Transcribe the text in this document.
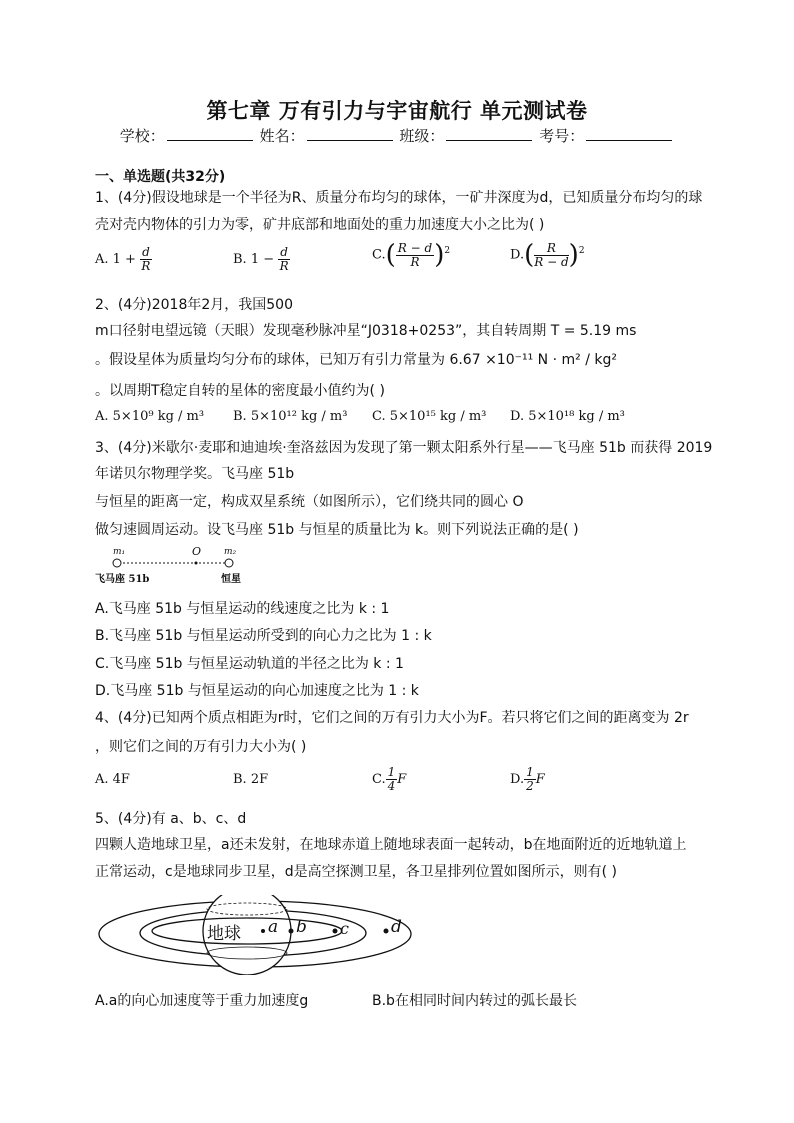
第七章 万有引力与宇宙航行 单元测试卷
学校：	姓名：	班级：	考号：
一、单选题(共32分)
1、(4分)假设地球是一个半径为R、质量分布均匀的球体，一矿井深度为d，已知质量分布均匀的球
壳对壳内物体的引力为零，矿井底部和地面处的重力加速度大小之比为( )
A. $1 + \frac{d}{R}$	B. $1 - \frac{d}{R}$	$C.( \frac{R - d}{R} )^2$	$D.( \frac{R}{R - d} )^2$
2、(4分)2018年2月，我国500
m口径射电望远镜（天眼）发现毫秒脉冲星“J0318+0253”，其自转周期 T = 5.19 ms
。假设星体为质量均匀分布的球体，已知万有引力常量为 6.67 ×10⁻¹¹ N · m² / kg²
。以周期T稳定自转的星体的密度最小值约为( )
A. 5×10⁹ kg / m³ B. 5×10¹² kg / m³ C. 5×10¹⁵ kg / m³ D. 5×10¹⁸ kg / m³
3、(4分)米歇尔·麦耶和迪迪埃·奎洛兹因为发现了第一颗太阳系外行星——飞马座 51b 而获得 2019
年诺贝尔物理学奖。飞马座 51b
与恒星的距离一定，构成双星系统（如图所示），它们绕共同的圆心 O
做匀速圆周运动。设飞马座 51b 与恒星的质量比为 k。则下列说法正确的是( )
m₁	O	m₂
飞马座 51b	恒星
A.飞马座 51b 与恒星运动的线速度之比为 k : 1
B.飞马座 51b 与恒星运动所受到的向心力之比为 1 : k
C.飞马座 51b 与恒星运动轨道的半径之比为 k : 1
D.飞马座 51b 与恒星运动的向心加速度之比为 1 : k
4、(4分)已知两个质点相距为r时，它们之间的万有引力大小为F。若只将它们之间的距离变为 2r
，则它们之间的万有引力大小为( )
A. 4F	B. 2F	C. $\frac{1}{4}$ F	D. $\frac{1}{2}$ F
5、(4分)有 a、b、c、d
四颗人造地球卫星，a还未发射，在地球赤道上随地球表面一起转动，b在地面附近的近地轨道上
正常运动，c是地球同步卫星，d是高空探测卫星，各卫星排列位置如图所示，则有( )
地球 a b c d
A.a的向心加速度等于重力加速度g	B.b在相同时间内转过的弧长最长
